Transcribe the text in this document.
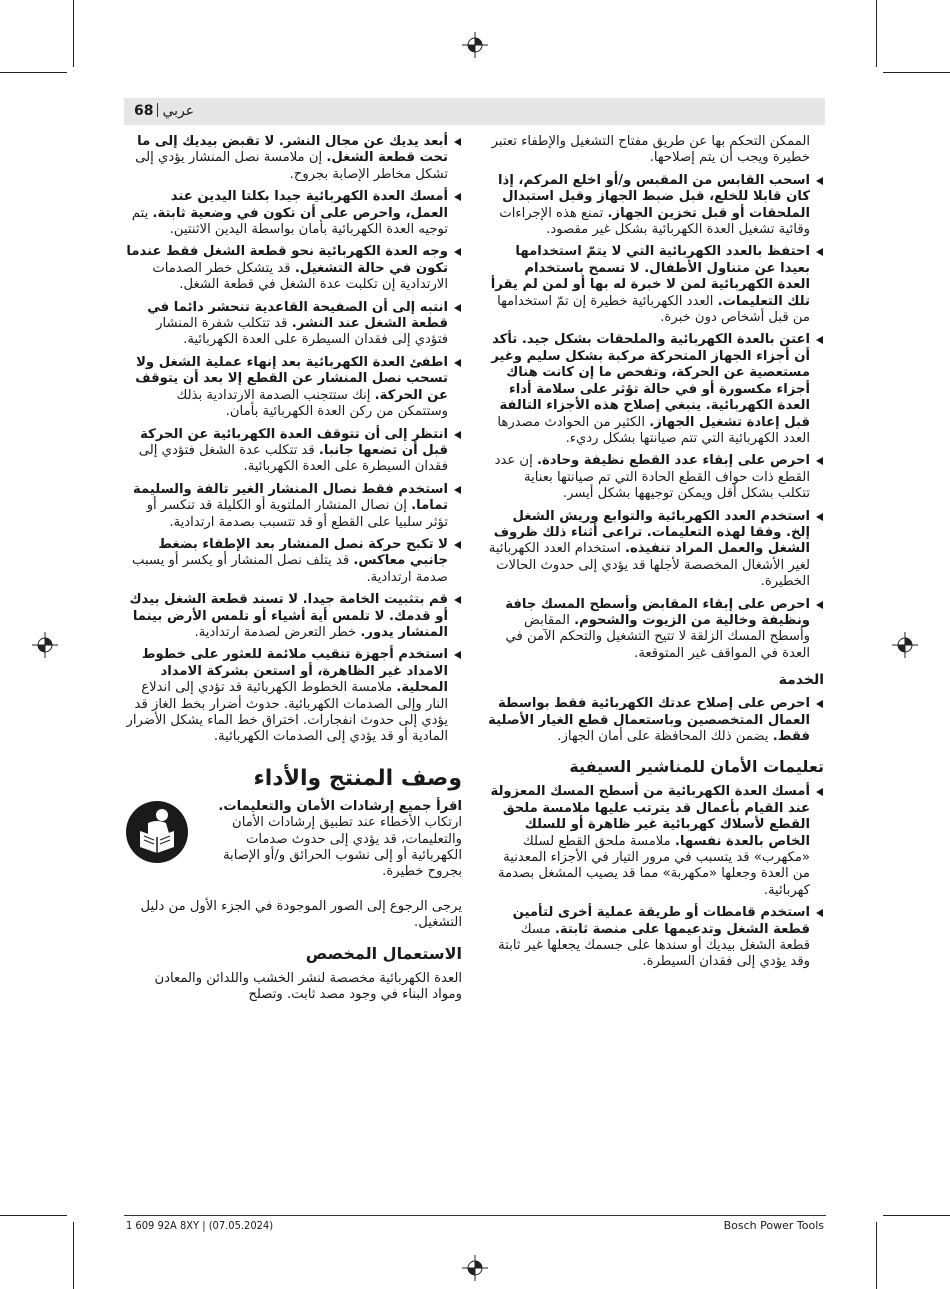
68 عربي
الممكن التحكم بها عن طريق مفتاح التشغيل والإطفاء تعتبر خطيرة ويجب أن يتم إصلاحها.
اسحب القابس من المقبس و/أو اخلع المركم، إذا كان قابلا للخلع، قبل ضبط الجهاز وقبل استبدال الملحقات أو قبل تخزين الجهاز. تمنع هذه الإجراءات وقائية تشغيل العدة الكهربائية بشكل غير مقصود.
احتفظ بالعدد الكهربائية التي لا يتمّ استخدامها بعيدا عن متناول الأطفال. لا تسمح باستخدام العدة الكهربائية لمن لا خبرة له بها أو لمن لم يقرأ تلك التعليمات. العدد الكهربائية خطيرة إن تمّ استخدامها من قبل أشخاص دون خبرة.
اعتن بالعدة الكهربائية والملحقات بشكل جيد. تأكد أن أجزاء الجهاز المتحركة مركبة بشكل سليم وغير مستعصية عن الحركة، وتفحص ما إن كانت هناك أجزاء مكسورة أو في حالة تؤثر على سلامة أداء العدة الكهربائية. ينبغي إصلاح هذه الأجزاء التالفة قبل إعادة تشغيل الجهاز. الكثير من الحوادث مصدرها العدد الكهربائية التي تتم صيانتها بشكل رديء.
احرص على إبقاء عدد القطع نظيفة وحادة. إن عدد القطع ذات حواف القطع الحادة التي تم صيانتها بعناية تتكلب بشكل أقل ويمكن توجيهها بشكل أيسر.
استخدم العدد الكهربائية والتوابع وريش الشغل إلخ. وفقا لهذه التعليمات. تراعى أثناء ذلك ظروف الشغل والعمل المراد تنفيذه. استخدام العدد الكهربائية لغير الأشغال المخصصة لأجلها قد يؤدي إلى حدوث الحالات الخطيرة.
احرص على إبقاء المقابض وأسطح المسك جافة ونظيفة وخالية من الزيوت والشحوم. المقابض وأسطح المسك الزلقة لا تتيح التشغيل والتحكم الآمن في العدة في المواقف غير المتوقعة.
الخدمة
احرص على إصلاح عدتك الكهربائية فقط بواسطة العمال المتخصصين وباستعمال قطع الغيار الأصلية فقط. يضمن ذلك المحافظة على أمان الجهاز.
تعليمات الأمان للمناشير السيفية
أمسك العدة الكهربائية من أسطح المسك المعزولة عند القيام بأعمال قد يترتب عليها ملامسة ملحق القطع لأسلاك كهربائية غير ظاهرة أو للسلك الخاص بالعدة نفسها. ملامسة ملحق القطع لسلك «مكهرب» قد يتسبب في مرور التيار في الأجزاء المعدنية من العدة وجعلها «مكهربة» مما قد يصيب المشغل بصدمة كهربائية.
استخدم قامطات أو طريقة عملية أخرى لتأمين قطعة الشغل وتدعيمها على منصة ثابتة. مسك قطعة الشغل بيديك أو سندها على جسمك يجعلها غير ثابتة وقد يؤدي إلى فقدان السيطرة.
أبعد يديك عن مجال النشر. لا تقبض بيديك إلى ما تحت قطعة الشغل. إن ملامسة نصل المنشار يؤدي إلى تشكل مخاطر الإصابة بجروح.
أمسك العدة الكهربائية جيدا بكلتا اليدين عند العمل، واحرص على أن تكون في وضعية ثابتة. يتم توجيه العدة الكهربائية بأمان بواسطة اليدين الاثنتين.
وجه العدة الكهربائية نحو قطعة الشغل فقط عندما تكون في حالة التشغيل. قد يتشكل خطر الصدمات الارتدادية إن تكلبت عدة الشغل في قطعة الشغل.
انتبه إلى أن الصفيحة القاعدية تنحشر دائما في قطعة الشغل عند النشر. قد تتكلب شفرة المنشار فتؤدي إلى فقدان السيطرة على العدة الكهربائية.
اطفئ العدة الكهربائية بعد إنهاء عملية الشغل ولا تسحب نصل المنشار عن القطع إلا بعد أن يتوقف عن الحركة. إنك ستتجنب الصدمة الارتدادية بذلك وستتمكن من ركن العدة الكهربائية بأمان.
انتظر إلى أن تتوقف العدة الكهربائية عن الحركة قبل أن تضعها جانبا. قد تتكلب عدة الشغل فتؤدي إلى فقدان السيطرة على العدة الكهربائية.
استخدم فقط نصال المنشار الغير تالفة والسليمة تماما. إن نصال المنشار الملتوية أو الكليلة قد تنكسر أو تؤثر سلبيا على القطع أو قد تتسبب بصدمة ارتدادية.
لا تكبح حركة نصل المنشار بعد الإطفاء بضغط جانبي معاكس. قد يتلف نصل المنشار أو يكسر أو يسبب صدمة ارتدادية.
قم بتثبيت الخامة جيدا. لا تسند قطعة الشغل بيدك أو قدمك. لا تلمس أية أشياء أو تلمس الأرض بينما المنشار يدور. خطر التعرض لصدمة ارتدادية.
استخدم أجهزة تنقيب ملائمة للعثور على خطوط الامداد غير الظاهرة، أو استعن بشركة الامداد المحلية. ملامسة الخطوط الكهربائية قد تؤدي إلى اندلاع النار وإلى الصدمات الكهربائية. حدوث أضرار بخط الغاز قد يؤدي إلى حدوث انفجارات. اختراق خط الماء يشكل الأضرار المادية أو قد يؤدي إلى الصدمات الكهربائية.
وصف المنتج والأداء
اقرأ جميع إرشادات الأمان والتعليمات. ارتكاب الأخطاء عند تطبيق إرشادات الأمان والتعليمات، قد يؤدي إلى حدوث صدمات الكهربائية أو إلى نشوب الحرائق و/أو الإصابة بجروح خطيرة.
يرجى الرجوع إلى الصور الموجودة في الجزء الأول من دليل التشغيل.
الاستعمال المخصص
العدة الكهربائية مخصصة لنشر الخشب واللدائن والمعادن ومواد البناء في وجود مصد ثابت. وتصلح
1 609 92A 8XY | (07.05.2024)	Bosch Power Tools
